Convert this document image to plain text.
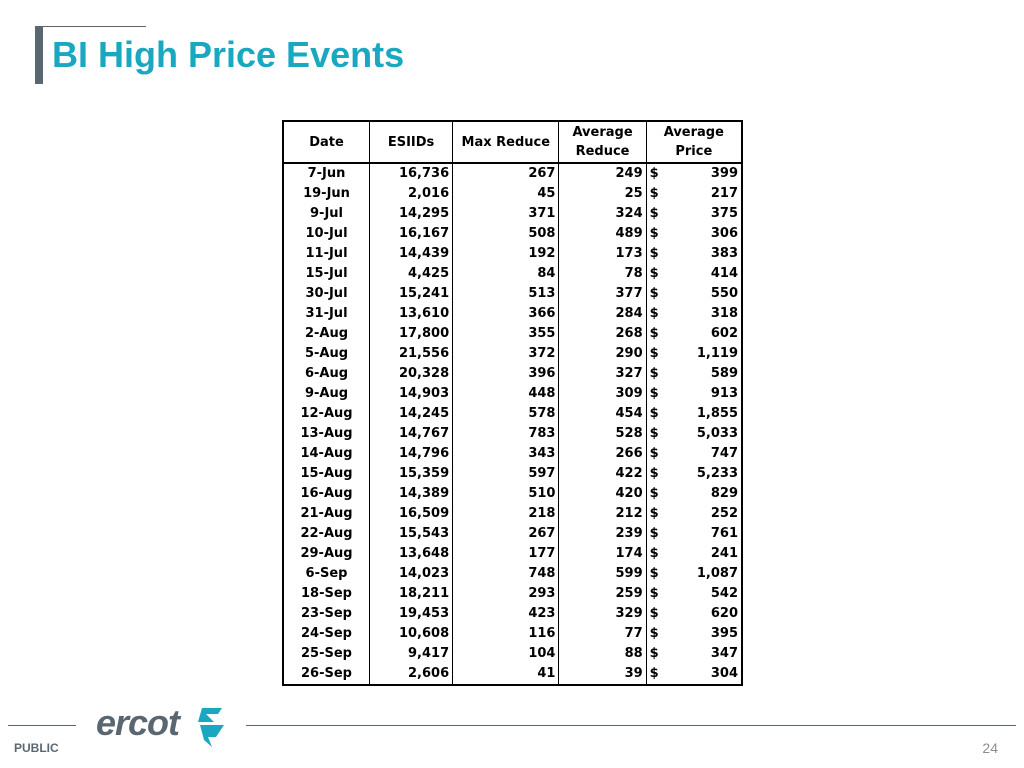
BI High Price Events
Date	ESIIDs	Max Reduce	Average Reduce	Average Price	
7-Jun	16,736	267	249	$	399
19-Jun	2,016	45	25	$	217
9-Jul	14,295	371	324	$	375
10-Jul	16,167	508	489	$	306
11-Jul	14,439	192	173	$	383
15-Jul	4,425	84	78	$	414
30-Jul	15,241	513	377	$	550
31-Jul	13,610	366	284	$	318
2-Aug	17,800	355	268	$	602
5-Aug	21,556	372	290	$	1,119
6-Aug	20,328	396	327	$	589
9-Aug	14,903	448	309	$	913
12-Aug	14,245	578	454	$	1,855
13-Aug	14,767	783	528	$	5,033
14-Aug	14,796	343	266	$	747
15-Aug	15,359	597	422	$	5,233
16-Aug	14,389	510	420	$	829
21-Aug	16,509	218	212	$	252
22-Aug	15,543	267	239	$	761
29-Aug	13,648	177	174	$	241
6-Sep	14,023	748	599	$	1,087
18-Sep	18,211	293	259	$	542
23-Sep	19,453	423	329	$	620
24-Sep	10,608	116	77	$	395
25-Sep	9,417	104	88	$	347
26-Sep	2,606	41	39	$	304
ercot
PUBLIC	24
